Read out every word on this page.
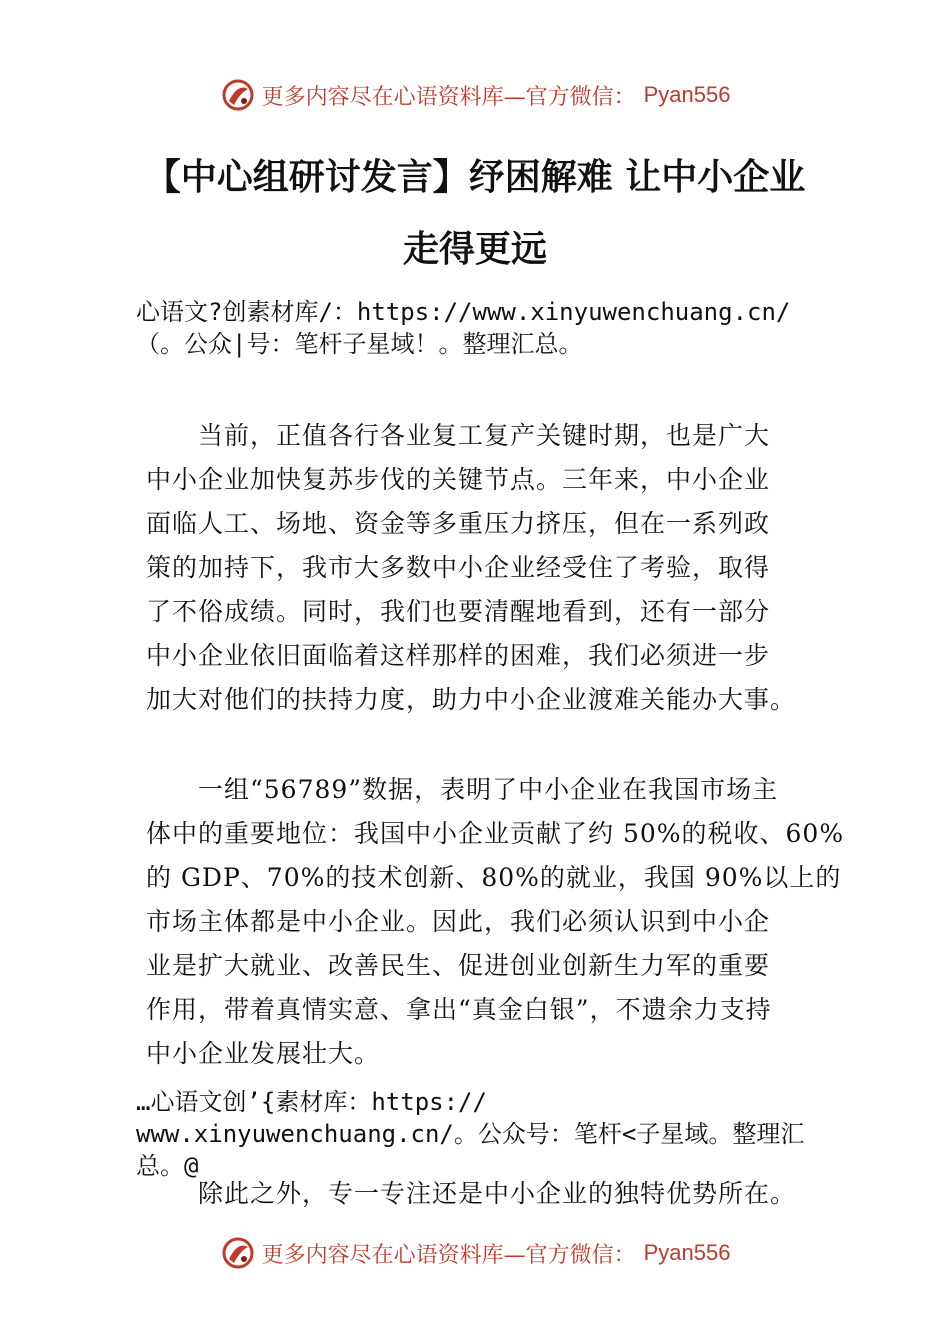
更多内容尽在心语资料库—官方微信： Pyan556
【中心组研讨发言】纾困解难 让中小企业
走得更远
心语文?创素材库/：https://www.xinyuwenchuang.cn/
（。公众|号：笔杆子星域！。整理汇总。
　　当前，正值各行各业复工复产关键时期，也是广大
中小企业加快复苏步伐的关键节点。三年来，中小企业
面临人工、场地、资金等多重压力挤压，但在一系列政
策的加持下，我市大多数中小企业经受住了考验，取得
了不俗成绩。同时，我们也要清醒地看到，还有一部分
中小企业依旧面临着这样那样的困难，我们必须进一步
加大对他们的扶持力度，助力中小企业渡难关能办大事。
　　一组“56789”数据，表明了中小企业在我国市场主
体中的重要地位：我国中小企业贡献了约 50%的税收、60%
的 GDP、70%的技术创新、80%的就业，我国 90%以上的
市场主体都是中小企业。因此，我们必须认识到中小企
业是扩大就业、改善民生、促进创业创新生力军的重要
作用，带着真情实意、拿出“真金白银”，不遗余力支持
中小企业发展壮大。
…心语文创’{素材库：https://
www.xinyuwenchuang.cn/。公众号：笔杆<子星域。整理汇
总。@
　　除此之外，专一专注还是中小企业的独特优势所在。
更多内容尽在心语资料库—官方微信： Pyan556
